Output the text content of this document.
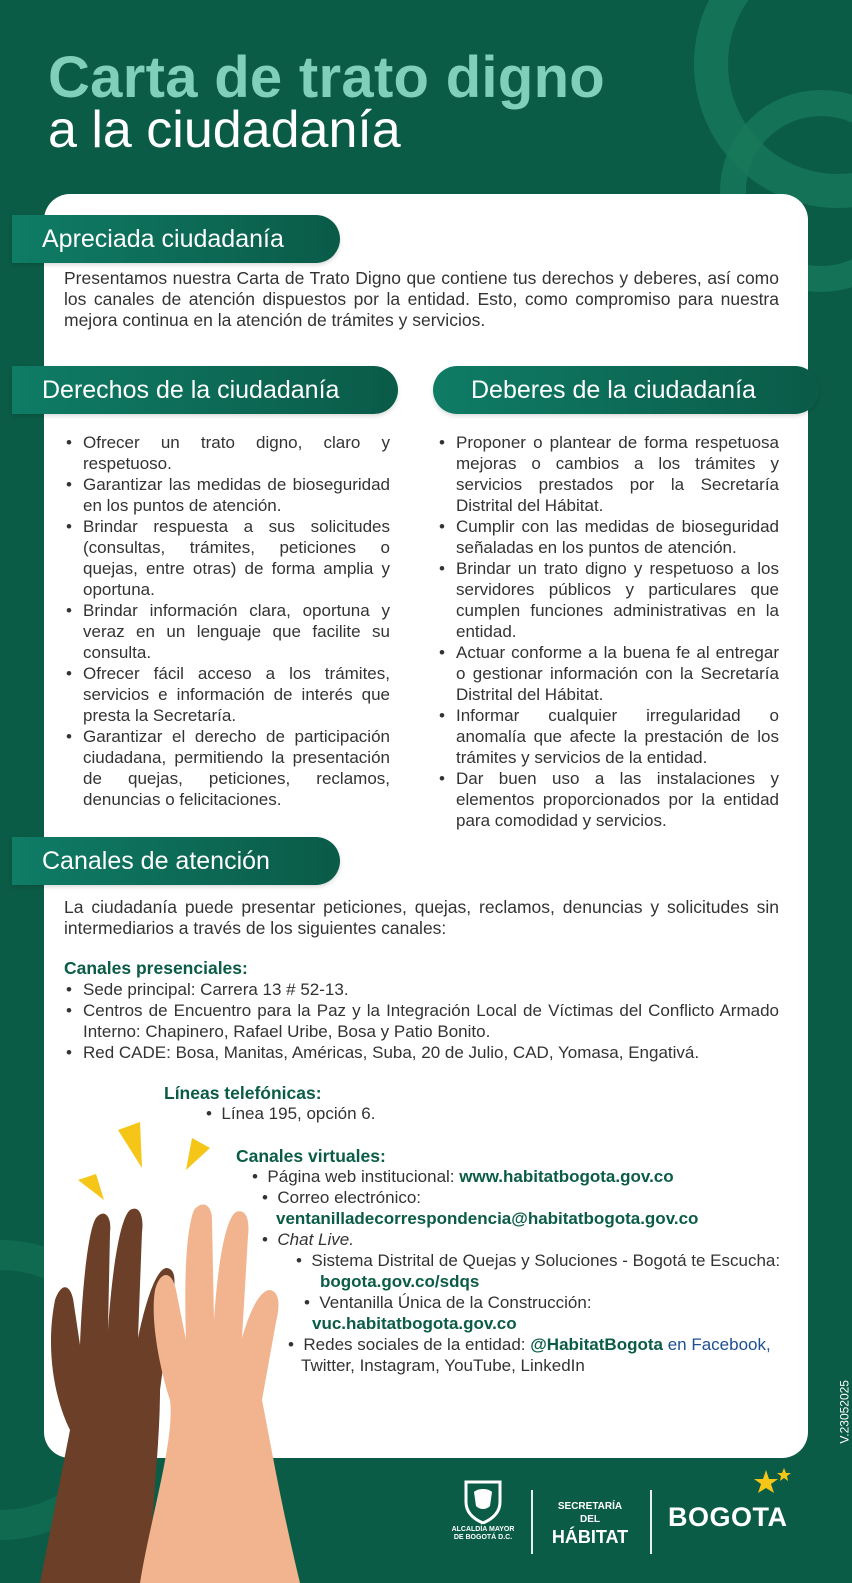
Carta de trato digno
a la ciudadanía
Apreciada ciudadanía
Presentamos nuestra Carta de Trato Digno que contiene tus derechos y deberes, así como los canales de atención dispuestos por la entidad. Esto, como compromiso para nuestra mejora continua en la atención de trámites y servicios.
Derechos de la ciudadanía	Deberes de la ciudadanía
• Ofrecer un trato digno, claro y respetuoso.
• Garantizar las medidas de bioseguridad en los puntos de atención.
• Brindar respuesta a sus solicitudes (consultas, trámites, peticiones o quejas, entre otras) de forma amplia y oportuna.
• Brindar información clara, oportuna y veraz en un lenguaje que facilite su consulta.
• Ofrecer fácil acceso a los trámites, servicios e información de interés que presta la Secretaría.
• Garantizar el derecho de participación ciudadana, permitiendo la presentación de quejas, peticiones, reclamos, denuncias o felicitaciones.
• Proponer o plantear de forma respetuosa mejoras o cambios a los trámites y servicios prestados por la Secretaría Distrital del Hábitat.
• Cumplir con las medidas de bioseguridad señaladas en los puntos de atención.
• Brindar un trato digno y respetuoso a los servidores públicos y particulares que cumplen funciones administrativas en la entidad.
• Actuar conforme a la buena fe al entregar o gestionar información con la Secretaría Distrital del Hábitat.
• Informar cualquier irregularidad o anomalía que afecte la prestación de los trámites y servicios de la entidad.
• Dar buen uso a las instalaciones y elementos proporcionados por la entidad para comodidad y servicios.
Canales de atención
La ciudadanía puede presentar peticiones, quejas, reclamos, denuncias y solicitudes sin intermediarios a través de los siguientes canales:
Canales presenciales:
• Sede principal: Carrera 13 # 52-13.
• Centros de Encuentro para la Paz y la Integración Local de Víctimas del Conflicto Armado Interno: Chapinero, Rafael Uribe, Bosa y Patio Bonito.
• Red CADE: Bosa, Manitas, Américas, Suba, 20 de Julio, CAD, Yomasa, Engativá.
Líneas telefónicas:
•  Línea 195, opción 6.
Canales virtuales:
•  Página web institucional: www.habitatbogota.gov.co
•  Correo electrónico:
ventanilladecorrespondencia@habitatbogota.gov.co
•  Chat Live.
•  Sistema Distrital de Quejas y Soluciones - Bogotá te Escucha:
bogota.gov.co/sdqs
•  Ventanilla Única de la Construcción:
vuc.habitatbogota.gov.co
•  Redes sociales de la entidad: @HabitatBogota en Facebook,
Twitter, Instagram, YouTube, LinkedIn
V.23052025
ALCALDÍA MAYOR
DE BOGOTÁ D.C.
SECRETARÍA DEL
HÁBITAT
BOGOTA
